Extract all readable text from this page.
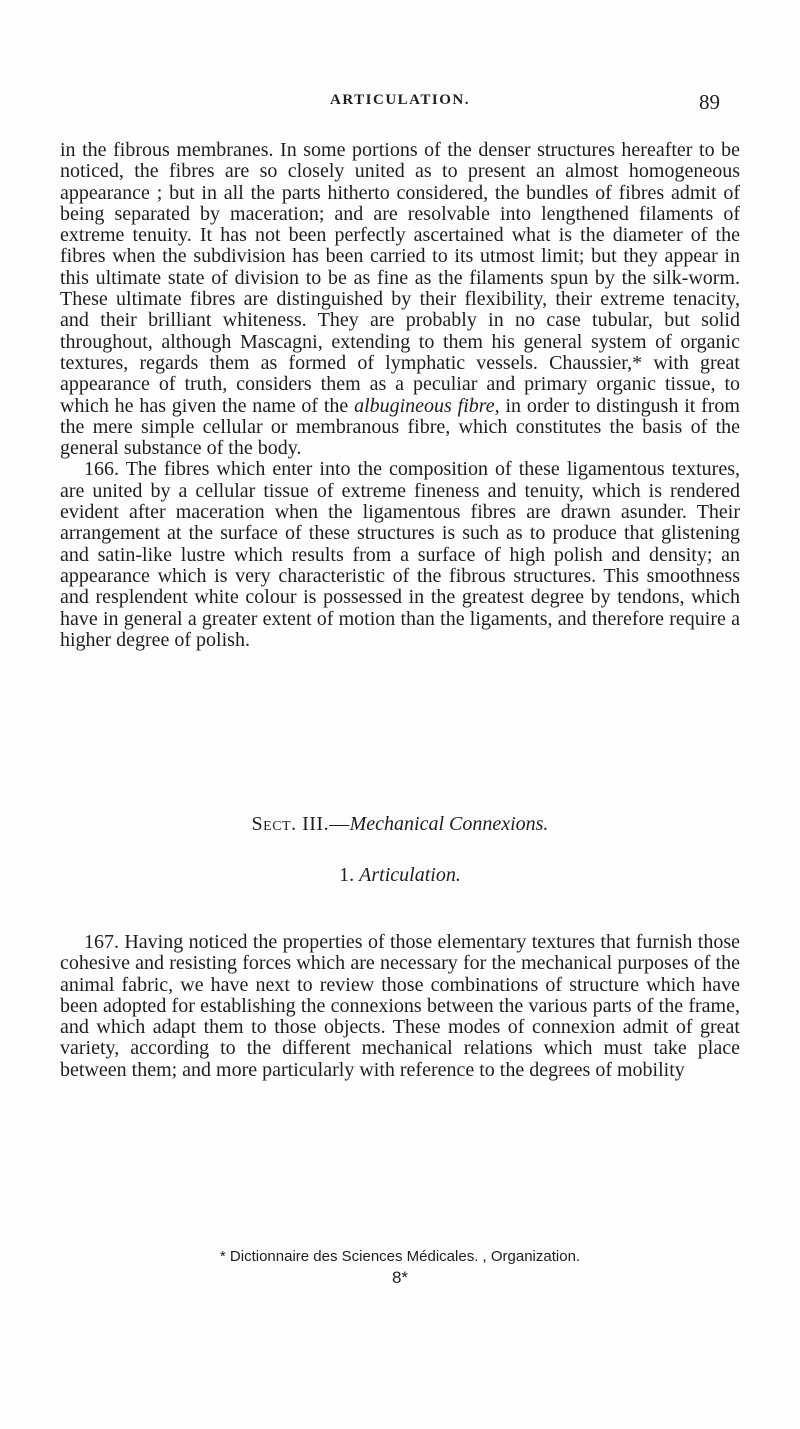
ARTICULATION.	89

in the fibrous membranes. In some portions of the denser structures hereafter to be noticed, the fibres are so closely united as to present an almost homogeneous appearance ; but in all the parts hitherto considered, the bundles of fibres admit of being separated by maceration; and are resolvable into lengthened filaments of extreme tenuity. It has not been perfectly ascertained what is the diameter of the fibres when the subdivision has been carried to its utmost limit; but they appear in this ultimate state of division to be as fine as the filaments spun by the silk-worm. These ultimate fibres are distinguished by their flexibility, their extreme tenacity, and their brilliant whiteness. They are probably in no case tubular, but solid throughout, although Mascagni, extending to them his general system of organic textures, regards them as formed of lymphatic vessels. Chaussier,* with great appearance of truth, considers them as a peculiar and primary organic tissue, to which he has given the name of the albugineous fibre, in order to distingush it from the mere simple cellular or membranous fibre, which constitutes the basis of the general substance of the body.

166. The fibres which enter into the composition of these ligamentous textures, are united by a cellular tissue of extreme fineness and tenuity, which is rendered evident after maceration when the ligamentous fibres are drawn asunder. Their arrangement at the surface of these structures is such as to produce that glistening and satin-like lustre which results from a surface of high polish and density; an appearance which is very characteristic of the fibrous structures. This smoothness and resplendent white colour is possessed in the greatest degree by tendons, which have in general a greater extent of motion than the ligaments, and therefore require a higher degree of polish.

Sect. III.—Mechanical Connexions.
1. Articulation.

167. Having noticed the properties of those elementary textures that furnish those cohesive and resisting forces which are necessary for the mechanical purposes of the animal fabric, we have next to review those combinations of structure which have been adopted for establishing the connexions between the various parts of the frame, and which adapt them to those objects. These modes of connexion admit of great variety, according to the different mechanical relations which must take place between them; and more particularly with reference to the degrees of mobility

* Dictionnaire des Sciences Médicales. , Organization.
8*
